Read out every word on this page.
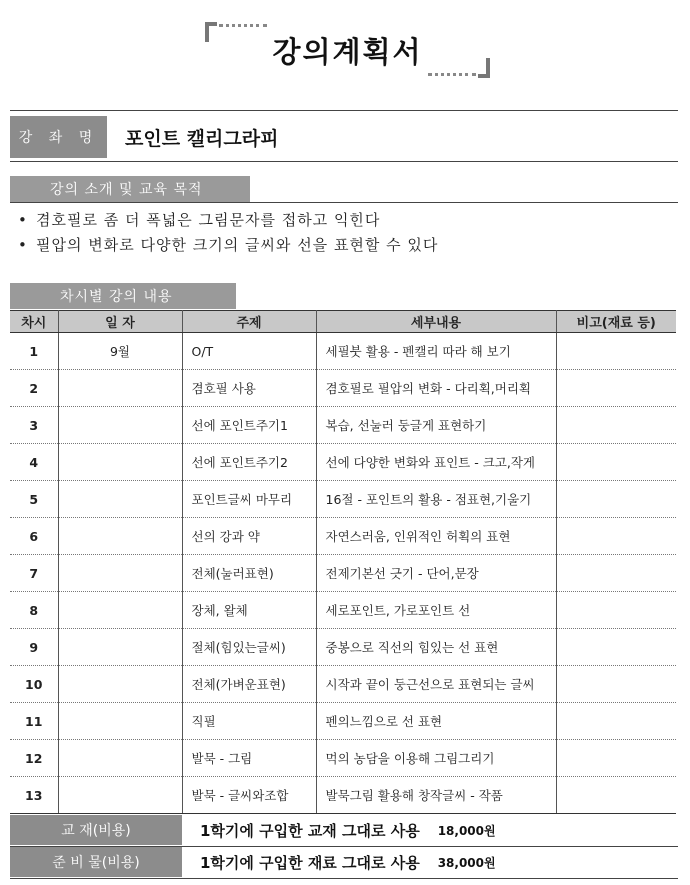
강의계획서
강 좌 명	포인트 캘리그라피
강의 소개 및 교육 목적
• 겸호필로 좀 더 폭넓은 그림문자를 접하고 익힌다
• 필압의 변화로 다양한 크기의 글씨와 선을 표현할 수 있다
차시별 강의 내용
차시	일 자	주제	세부내용	비고(재료 등)
1	9월	O/T	세필붓 활용 - 펜캘리 따라 해 보기	
2		겸호필 사용	겸호필로 필압의 변화 - 다리획,머리획	
3		선에 포인트주기1	복습, 선눌러 둥글게 표현하기	
4		선에 포인트주기2	선에 다양한 변화와 표인트 - 크고,작게	
5		포인트글씨 마무리	16절 - 포인트의 활용 - 점표현,기울기	
6		선의 강과 약	자연스러움, 인위적인 허획의 표현	
7		전체(눌러표현)	전제기본선 긋기 - 단어,문장	
8		장체, 왈체	세로포인트, 가로포인트 선	
9		절체(힘있는글씨)	중봉으로 직선의 힘있는 선 표현	
10		전체(가벼운표현)	시작과 끝이 둥근선으로 표현되는 글씨	
11		직필	펜의느낌으로 선 표현	
12		발묵 - 그림	먹의 농담을 이용해 그림그리기	
13		발묵 - 글씨와조합	발묵그림 활용해 창작글씨 - 작품	
교 재(비용)	1학기에 구입한 교재 그대로 사용 18,000원
준 비 물(비용)	1학기에 구입한 재료 그대로 사용 38,000원
